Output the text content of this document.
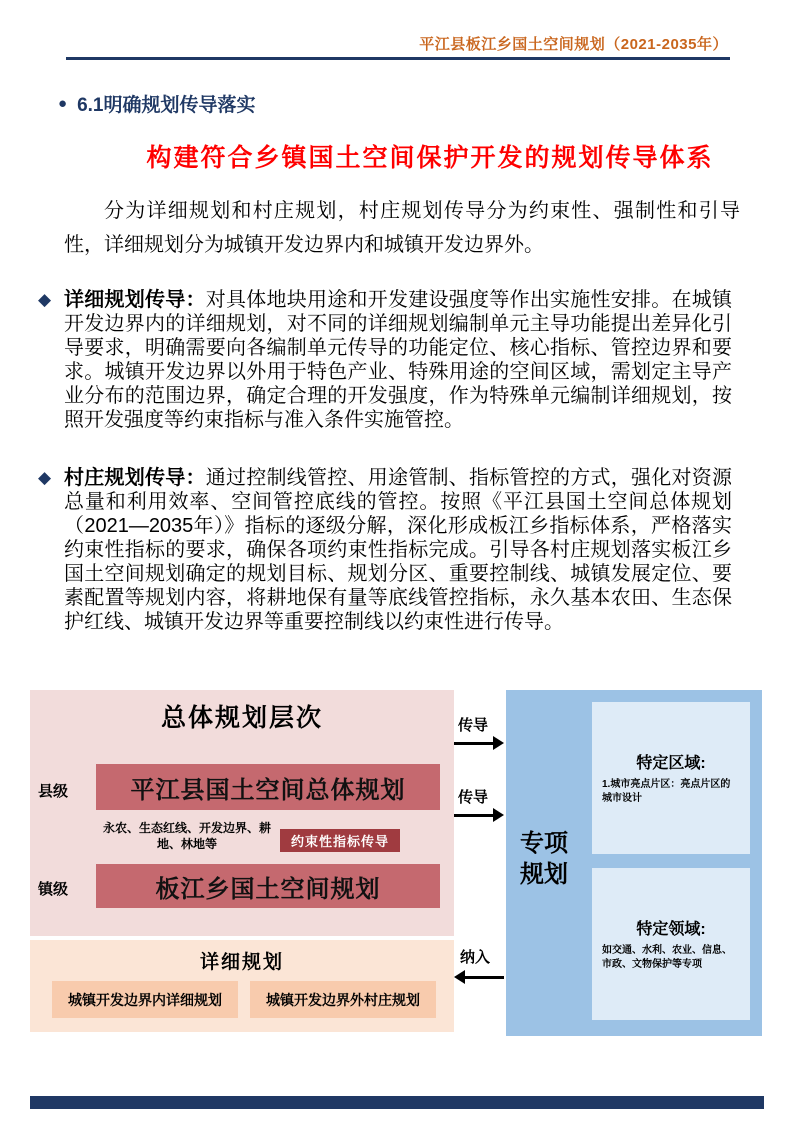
平江县板江乡国土空间规划（2021-2035年）
● 6.1明确规划传导落实
构建符合乡镇国土空间保护开发的规划传导体系
分为详细规划和村庄规划，村庄规划传导分为约束性、强制性和引导性，详细规划分为城镇开发边界内和城镇开发边界外。
◆ 详细规划传导：对具体地块用途和开发建设强度等作出实施性安排。在城镇开发边界内的详细规划，对不同的详细规划编制单元主导功能提出差异化引导要求，明确需要向各编制单元传导的功能定位、核心指标、管控边界和要求。城镇开发边界以外用于特色产业、特殊用途的空间区域，需划定主导产业分布的范围边界，确定合理的开发强度，作为特殊单元编制详细规划，按照开发强度等约束指标与准入条件实施管控。
◆ 村庄规划传导：通过控制线管控、用途管制、指标管控的方式，强化对资源总量和利用效率、空间管控底线的管控。按照《平江县国土空间总体规划（2021—2035年）》指标的逐级分解，深化形成板江乡指标体系，严格落实约束性指标的要求，确保各项约束性指标完成。引导各村庄规划落实板江乡国土空间规划确定的规划目标、规划分区、重要控制线、城镇发展定位、要素配置等规划内容，将耕地保有量等底线管控指标，永久基本农田、生态保护红线、城镇开发边界等重要控制线以约束性进行传导。
总体规划层次
县级	平江县国土空间总体规划
永农、生态红线、开发边界、耕地、林地等	约束性指标传导
镇级	板江乡国土空间规划
详细规划
城镇开发边界内详细规划	城镇开发边界外村庄规划
专项规划
特定区域:
1.城市亮点片区：亮点片区的城市设计
特定领域:
如交通、水利、农业、信息、市政、文物保护等专项
传导
传导
纳入
